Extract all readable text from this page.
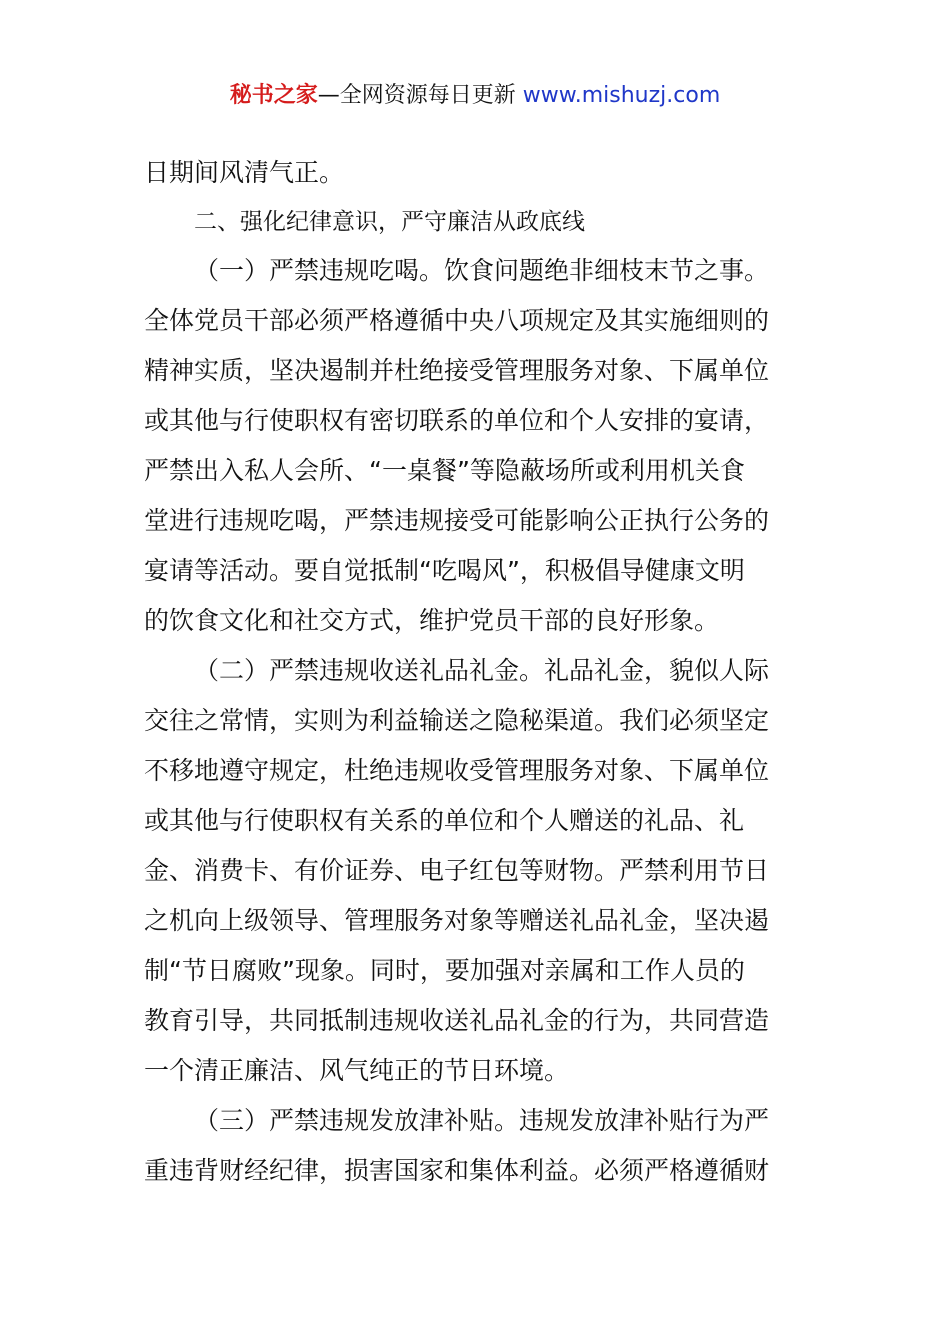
秘书之家—全网资源每日更新 www.mishuzj.com
日期间风清气正。
二、强化纪律意识，严守廉洁从政底线
（一）严禁违规吃喝。饮食问题绝非细枝末节之事。
全体党员干部必须严格遵循中央八项规定及其实施细则的
精神实质，坚决遏制并杜绝接受管理服务对象、下属单位
或其他与行使职权有密切联系的单位和个人安排的宴请，
严禁出入私人会所、“一桌餐”等隐蔽场所或利用机关食
堂进行违规吃喝，严禁违规接受可能影响公正执行公务的
宴请等活动。要自觉抵制“吃喝风”，积极倡导健康文明
的饮食文化和社交方式，维护党员干部的良好形象。
（二）严禁违规收送礼品礼金。礼品礼金，貌似人际
交往之常情，实则为利益输送之隐秘渠道。我们必须坚定
不移地遵守规定，杜绝违规收受管理服务对象、下属单位
或其他与行使职权有关系的单位和个人赠送的礼品、礼
金、消费卡、有价证券、电子红包等财物。严禁利用节日
之机向上级领导、管理服务对象等赠送礼品礼金，坚决遏
制“节日腐败”现象。同时，要加强对亲属和工作人员的
教育引导，共同抵制违规收送礼品礼金的行为，共同营造
一个清正廉洁、风气纯正的节日环境。
（三）严禁违规发放津补贴。违规发放津补贴行为严
重违背财经纪律，损害国家和集体利益。必须严格遵循财
